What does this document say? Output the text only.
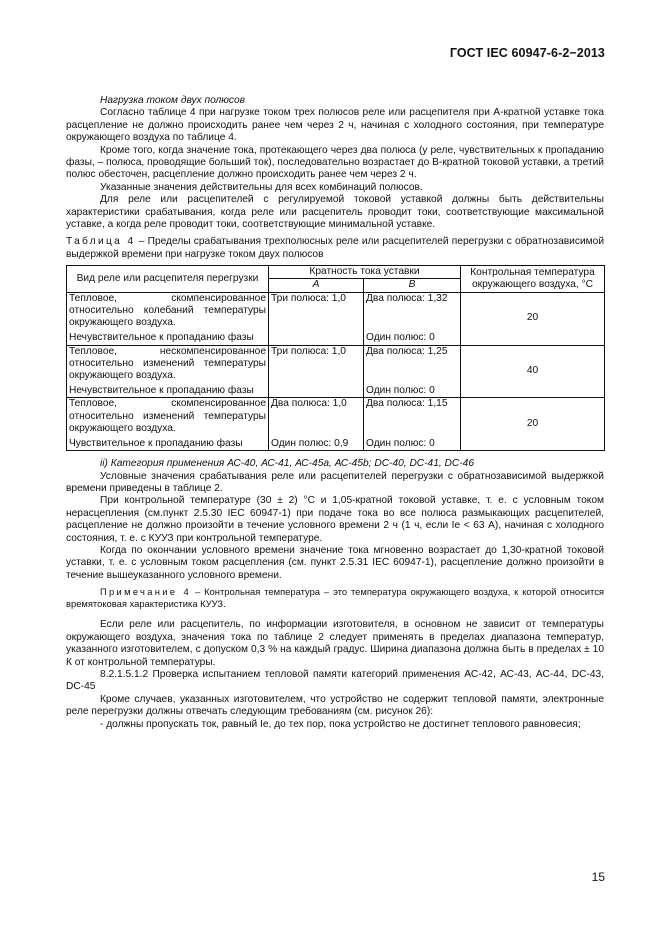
ГОСТ IEC 60947-6-2−2013

Нагрузка током двух полюсов

Согласно таблице 4 при нагрузке током трех полюсов реле или расцепителя при А-кратной уставке тока расцепление не должно происходить ранее чем через 2 ч, начиная с холодного состояния, при температуре окружающего воздуха по таблице 4.

Кроме того, когда значение тока, протекающего через два полюса (у реле, чувствительных к пропаданию фазы, – полюса, проводящие больший ток), последовательно возрастает до В-кратной токовой уставки, а третий полюс обесточен, расцепление должно происходить ранее чем через 2 ч.

Указанные значения действительны для всех комбинаций полюсов.

Для реле или расцепителей с регулируемой токовой уставкой должны быть действительны характеристики срабатывания, когда реле или расцепитель проводит токи, соответствующие максимальной уставке, а когда реле проводит токи, соответствующие минимальной уставке.

Таблица 4 – Пределы срабатывания трехполюсных реле или расцепителей перегрузки с обратнозависимой выдержкой времени при нагрузке током двух полюсов

Вид реле или расцепителя перегрузки	Кратность тока уставки		Контрольная температура окружающего воздуха, °С
	А	В	
Тепловое, скомпенсированное относительно колебаний температуры окружающего воздуха.	Три полюса: 1,0	Два полюса: 1,32	20
Нечувствительное к пропаданию фазы		Один полюс: 0	
Тепловое, нескомпенсированное относительно изменений температуры окружающего воздуха.	Три полюса: 1,0	Два полюса: 1,25	40
Нечувствительное к пропаданию фазы		Один полюс: 0	
Тепловое, скомпенсированное относительно изменений температуры окружающего воздуха.	Два полюса: 1,0	Два полюса: 1,15	20
Чувствительное к пропаданию фазы	Один полюс: 0,9	Один полюс: 0	

ii) Категория применения АС-40, АС-41, АС-45а, АС-45b; DC-40, DC-41, DC-46

Условные значения срабатывания реле или расцепителей перегрузки с обратнозависимой выдержкой времени приведены в таблице 2.

При контрольной температуре (30 ± 2) °С и 1,05-кратной токовой уставке, т. е. с условным током нерасцепления (см.пункт 2.5.30 IEC 60947-1) при подаче тока во все полюса размыкающих расцепителей, расцепление не должно произойти в течение условного времени 2 ч (1 ч, если Ie < 63 А), начиная с холодного состояния, т. е. с КУУЗ при контрольной температуре.

Когда по окончании условного времени значение тока мгновенно возрастает до 1,30-кратной токовой уставки, т. е. с условным током расцепления (см. пункт 2.5.31 IEC 60947-1), расцепление должно произойти в течение вышеуказанного условного времени.

Примечание 4 – Контрольная температура – это температура окружающего воздуха, к которой относится времятоковая характеристика КУУЗ.

Если реле или расцепитель, по информации изготовителя, в основном не зависит от температуры окружающего воздуха, значения тока по таблице 2 следует применять в пределах диапазона температур, указанного изготовителем, с допуском 0,3 % на каждый градус. Ширина диапазона должна быть в пределах ± 10 К от контрольной температуры.

8.2.1.5.1.2 Проверка испытанием тепловой памяти категорий применения АС-42, АС-43, АС-44, DC-43, DC-45

Кроме случаев, указанных изготовителем, что устройство не содержит тепловой памяти, электронные реле перегрузки должны отвечать следующим требованиям (см. рисунок 26):

- должны пропускать ток, равный Ie, до тех пор, пока устройство не достигнет теплового равновесия;

15
